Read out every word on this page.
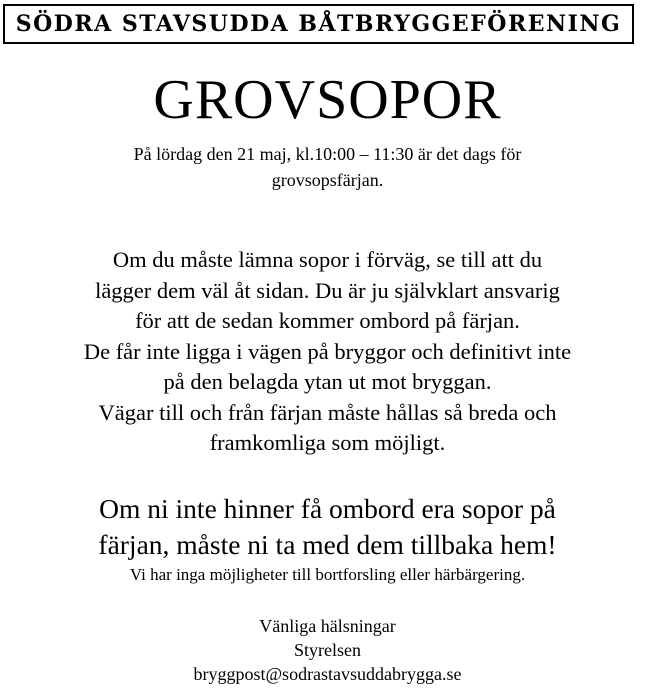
SÖDRA STAVSUDDA BÅTBRYGGEFÖRENING
GROVSOPOR
På lördag den 21 maj, kl.10:00 – 11:30 är det dags för
grovsopsfärjan.
Om du måste lämna sopor i förväg, se till att du
lägger dem väl åt sidan. Du är ju självklart ansvarig
för att de sedan kommer ombord på färjan.
De får inte ligga i vägen på bryggor och definitivt inte
på den belagda ytan ut mot bryggan.
Vägar till och från färjan måste hållas så breda och
framkomliga som möjligt.
Om ni inte hinner få ombord era sopor på
färjan, måste ni ta med dem tillbaka hem!
Vi har inga möjligheter till bortforsling eller härbärgering.
Vänliga hälsningar
Styrelsen
bryggpost@sodrastavsuddabrygga.se
